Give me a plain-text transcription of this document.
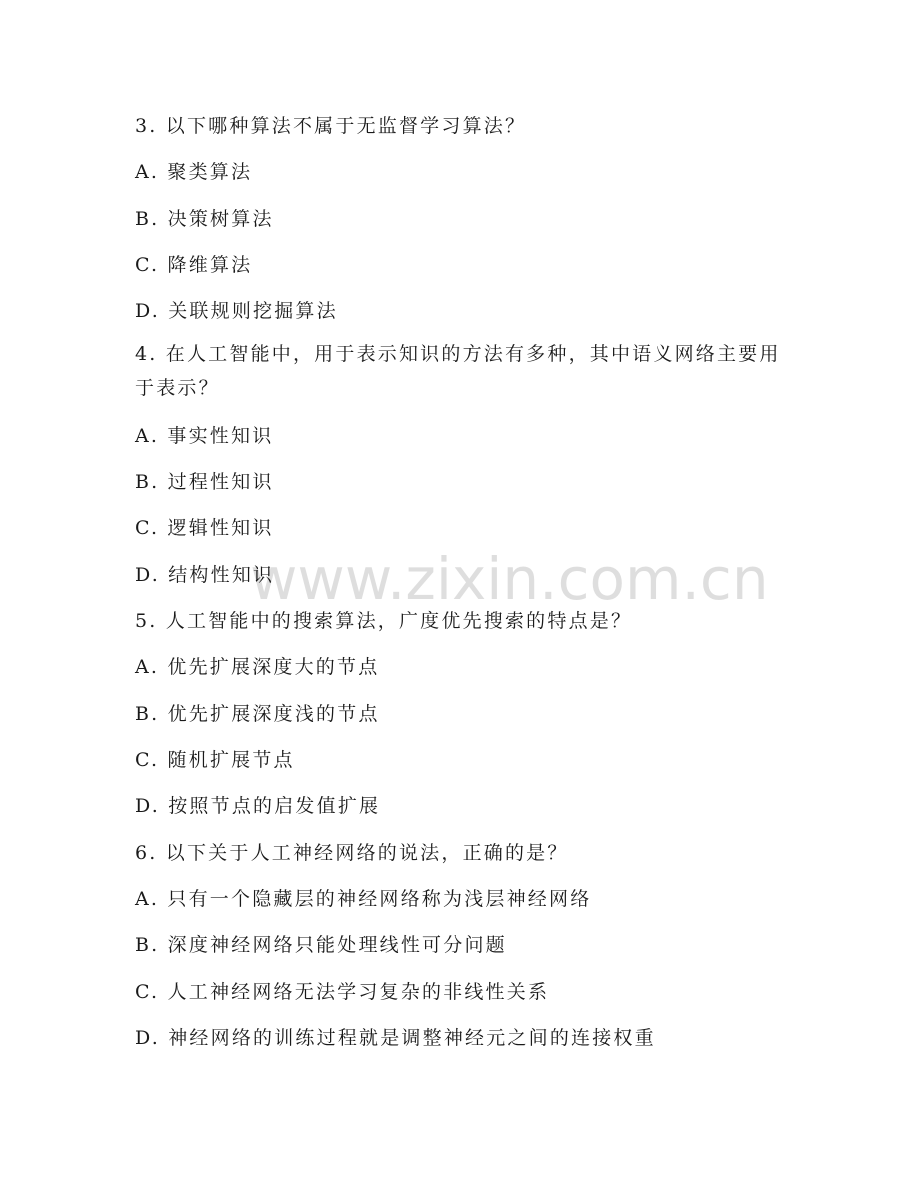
3. 以下哪种算法不属于无监督学习算法？
A. 聚类算法
B. 决策树算法
C. 降维算法
D. 关联规则挖掘算法
4. 在人工智能中，用于表示知识的方法有多种，其中语义网络主要用于表示？
A. 事实性知识
B. 过程性知识
C. 逻辑性知识
D. 结构性知识
5. 人工智能中的搜索算法，广度优先搜索的特点是？
A. 优先扩展深度大的节点
B. 优先扩展深度浅的节点
C. 随机扩展节点
D. 按照节点的启发值扩展
6. 以下关于人工神经网络的说法，正确的是？
A. 只有一个隐藏层的神经网络称为浅层神经网络
B. 深度神经网络只能处理线性可分问题
C. 人工神经网络无法学习复杂的非线性关系
D. 神经网络的训练过程就是调整神经元之间的连接权重
www.zixin.com.cn
